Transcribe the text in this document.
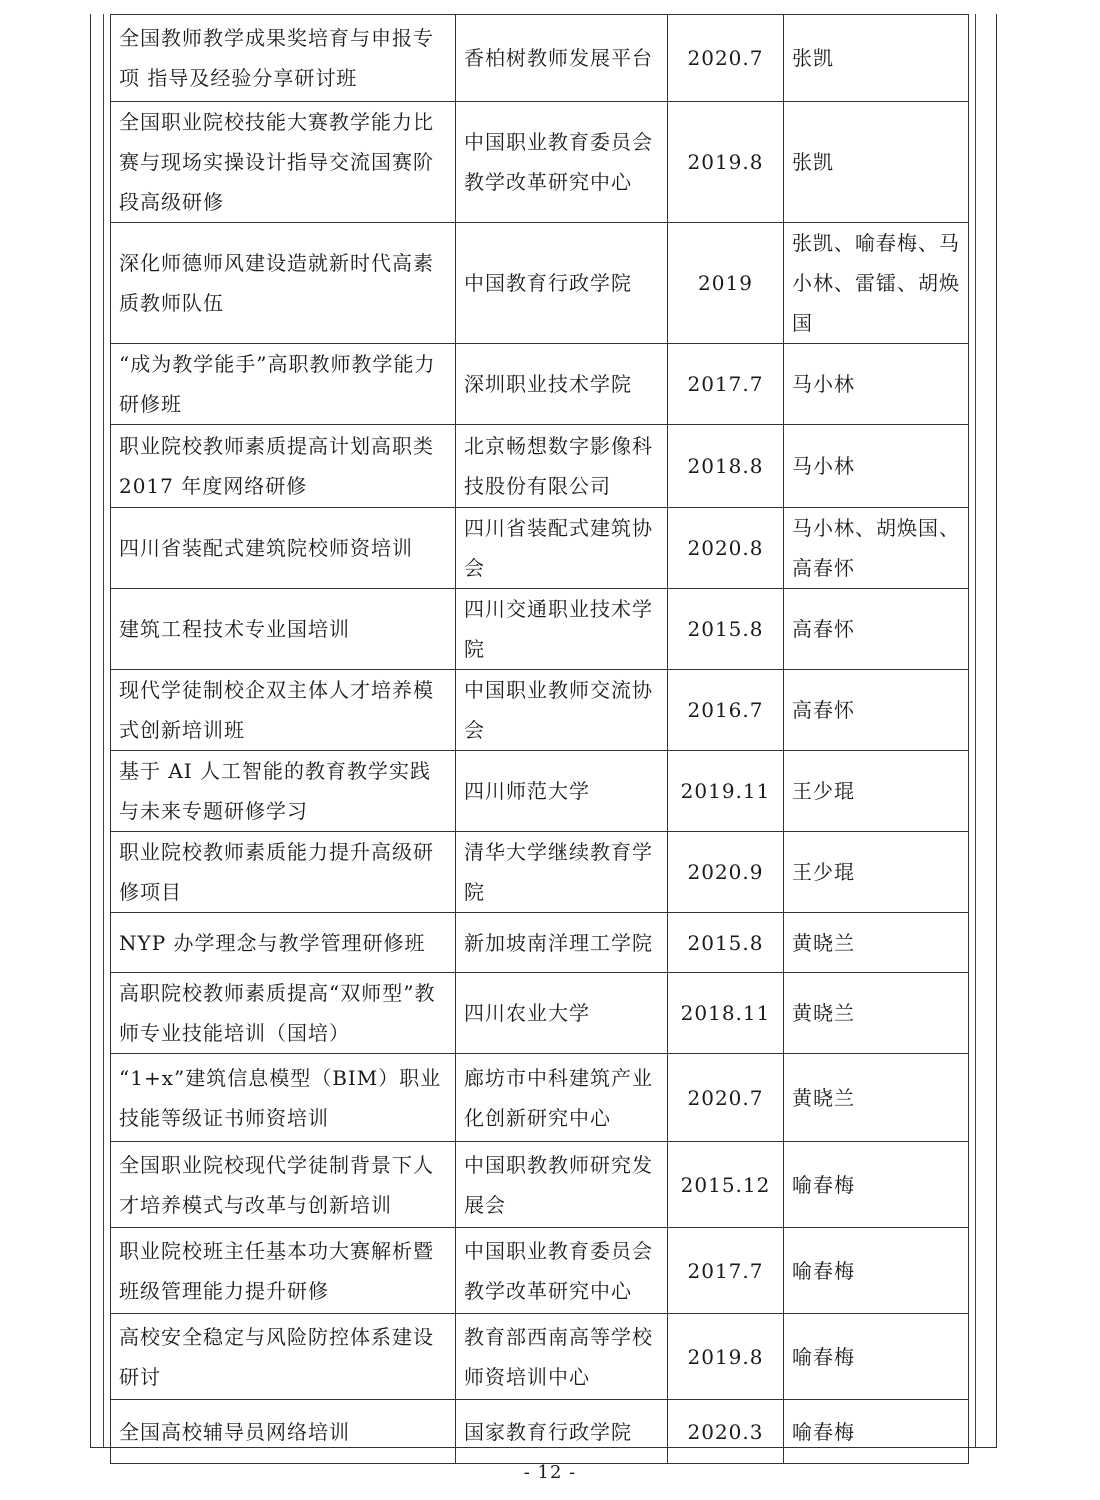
全国教师教学成果奖培育与申报专项 指导及经验分享研讨班	香柏树教师发展平台	2020.7	张凯
全国职业院校技能大赛教学能力比赛与现场实操设计指导交流国赛阶段高级研修	中国职业教育委员会教学改革研究中心	2019.8	张凯
深化师德师风建设造就新时代高素质教师队伍	中国教育行政学院	2019	张凯、喻春梅、马小林、雷镭、胡焕国
“成为教学能手”高职教师教学能力研修班	深圳职业技术学院	2017.7	马小林
职业院校教师素质提高计划高职类 2017 年度网络研修	北京畅想数字影像科技股份有限公司	2018.8	马小林
四川省装配式建筑院校师资培训	四川省装配式建筑协会	2020.8	马小林、胡焕国、高春怀
建筑工程技术专业国培训	四川交通职业技术学院	2015.8	高春怀
现代学徒制校企双主体人才培养模式创新培训班	中国职业教师交流协会	2016.7	高春怀
基于 AI 人工智能的教育教学实践与未来专题研修学习	四川师范大学	2019.11	王少琨
职业院校教师素质能力提升高级研修项目	清华大学继续教育学院	2020.9	王少琨
NYP 办学理念与教学管理研修班	新加坡南洋理工学院	2015.8	黄晓兰
高职院校教师素质提高“双师型”教师专业技能培训（国培）	四川农业大学	2018.11	黄晓兰
“1+x”建筑信息模型（BIM）职业技能等级证书师资培训	廊坊市中科建筑产业化创新研究中心	2020.7	黄晓兰
全国职业院校现代学徒制背景下人才培养模式与改革与创新培训	中国职教教师研究发展会	2015.12	喻春梅
职业院校班主任基本功大赛解析暨班级管理能力提升研修	中国职业教育委员会教学改革研究中心	2017.7	喻春梅
高校安全稳定与风险防控体系建设研讨	教育部西南高等学校师资培训中心	2019.8	喻春梅
全国高校辅导员网络培训	国家教育行政学院	2020.3	喻春梅
- 12 -
